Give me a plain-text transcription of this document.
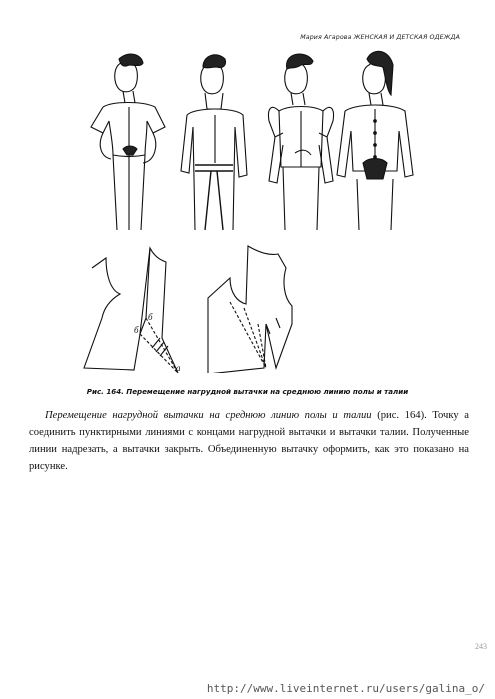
Мария Агарова ЖЕНСКАЯ И ДЕТСКАЯ ОДЕЖДА
б
б₁
а
Рис. 164. Перемещение нагрудной вытачки на среднюю линию полы и талии
Перемещение нагрудной вытачки на среднюю линию полы и талии (рис. 164). Точку а соединить пунктирными линиями с концами нагрудной вытачки и вытачки талии. Полученные линии надрезать, а вытачки закрыть. Объединенную вытачку оформить, как это показано на рисунке.
243
http://www.liveinternet.ru/users/galina_o/
